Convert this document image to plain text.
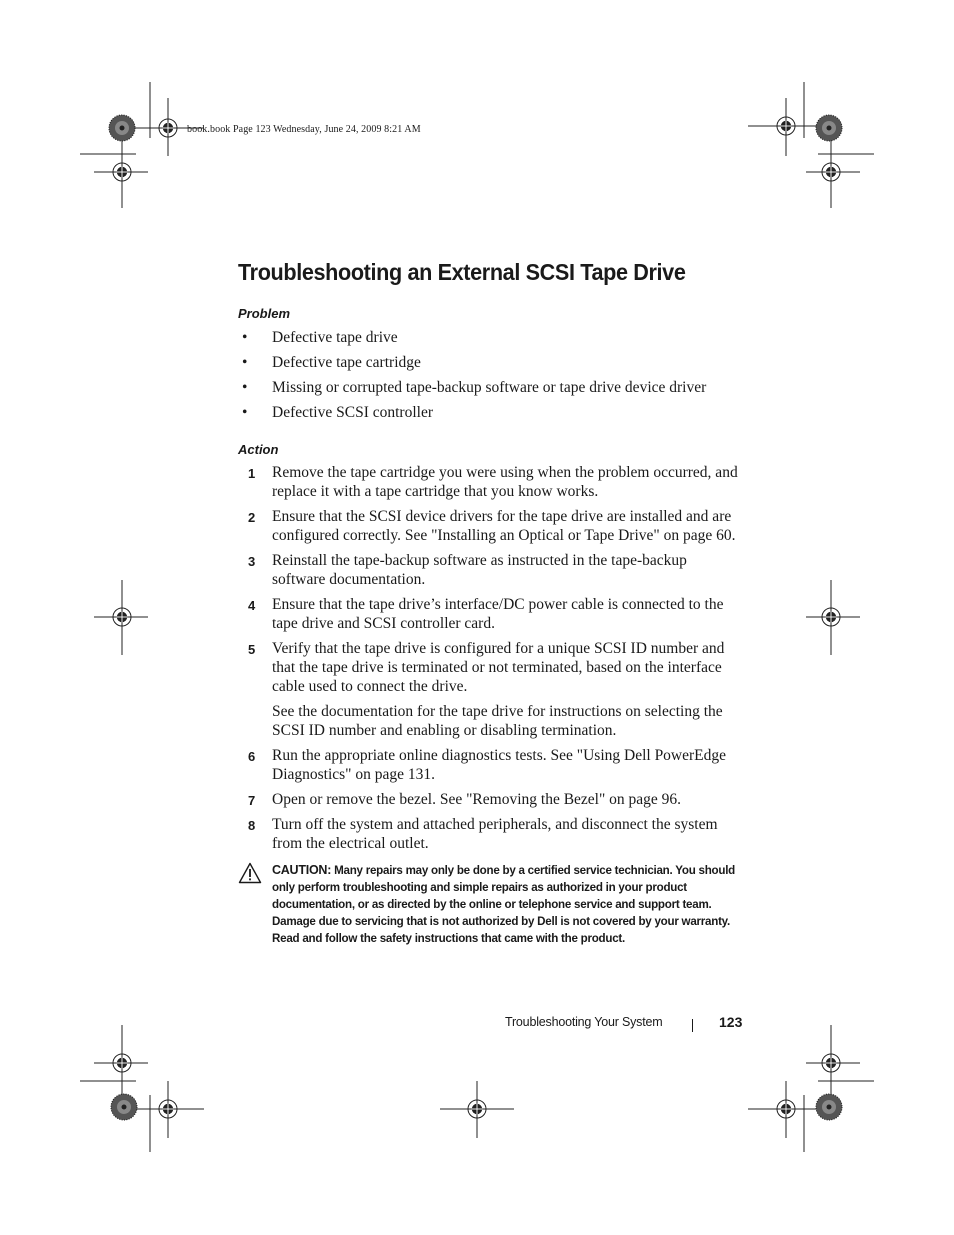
book.book Page 123 Wednesday, June 24, 2009 8:21 AM
Troubleshooting an External SCSI Tape Drive
Problem
• Defective tape drive
• Defective tape cartridge
• Missing or corrupted tape-backup software or tape drive device driver
• Defective SCSI controller
Action
1 Remove the tape cartridge you were using when the problem occurred, and replace it with a tape cartridge that you know works.

2 Ensure that the SCSI device drivers for the tape drive are installed and are configured correctly. See "Installing an Optical or Tape Drive" on page 60.

3 Reinstall the tape-backup software as instructed in the tape-backup software documentation.

4 Ensure that the tape drive’s interface/DC power cable is connected to the tape drive and SCSI controller card.

5 Verify that the tape drive is configured for a unique SCSI ID number and that the tape drive is terminated or not terminated, based on the interface cable used to connect the drive.

See the documentation for the tape drive for instructions on selecting the SCSI ID number and enabling or disabling termination.

6 Run the appropriate online diagnostics tests. See "Using Dell PowerEdge Diagnostics" on page 131.

7 Open or remove the bezel. See "Removing the Bezel" on page 96.

8 Turn off the system and attached peripherals, and disconnect the system from the electrical outlet.

CAUTION: Many repairs may only be done by a certified service technician. You should only perform troubleshooting and simple repairs as authorized in your product documentation, or as directed by the online or telephone service and support team. Damage due to servicing that is not authorized by Dell is not covered by your warranty. Read and follow the safety instructions that came with the product.
Troubleshooting Your System	123
